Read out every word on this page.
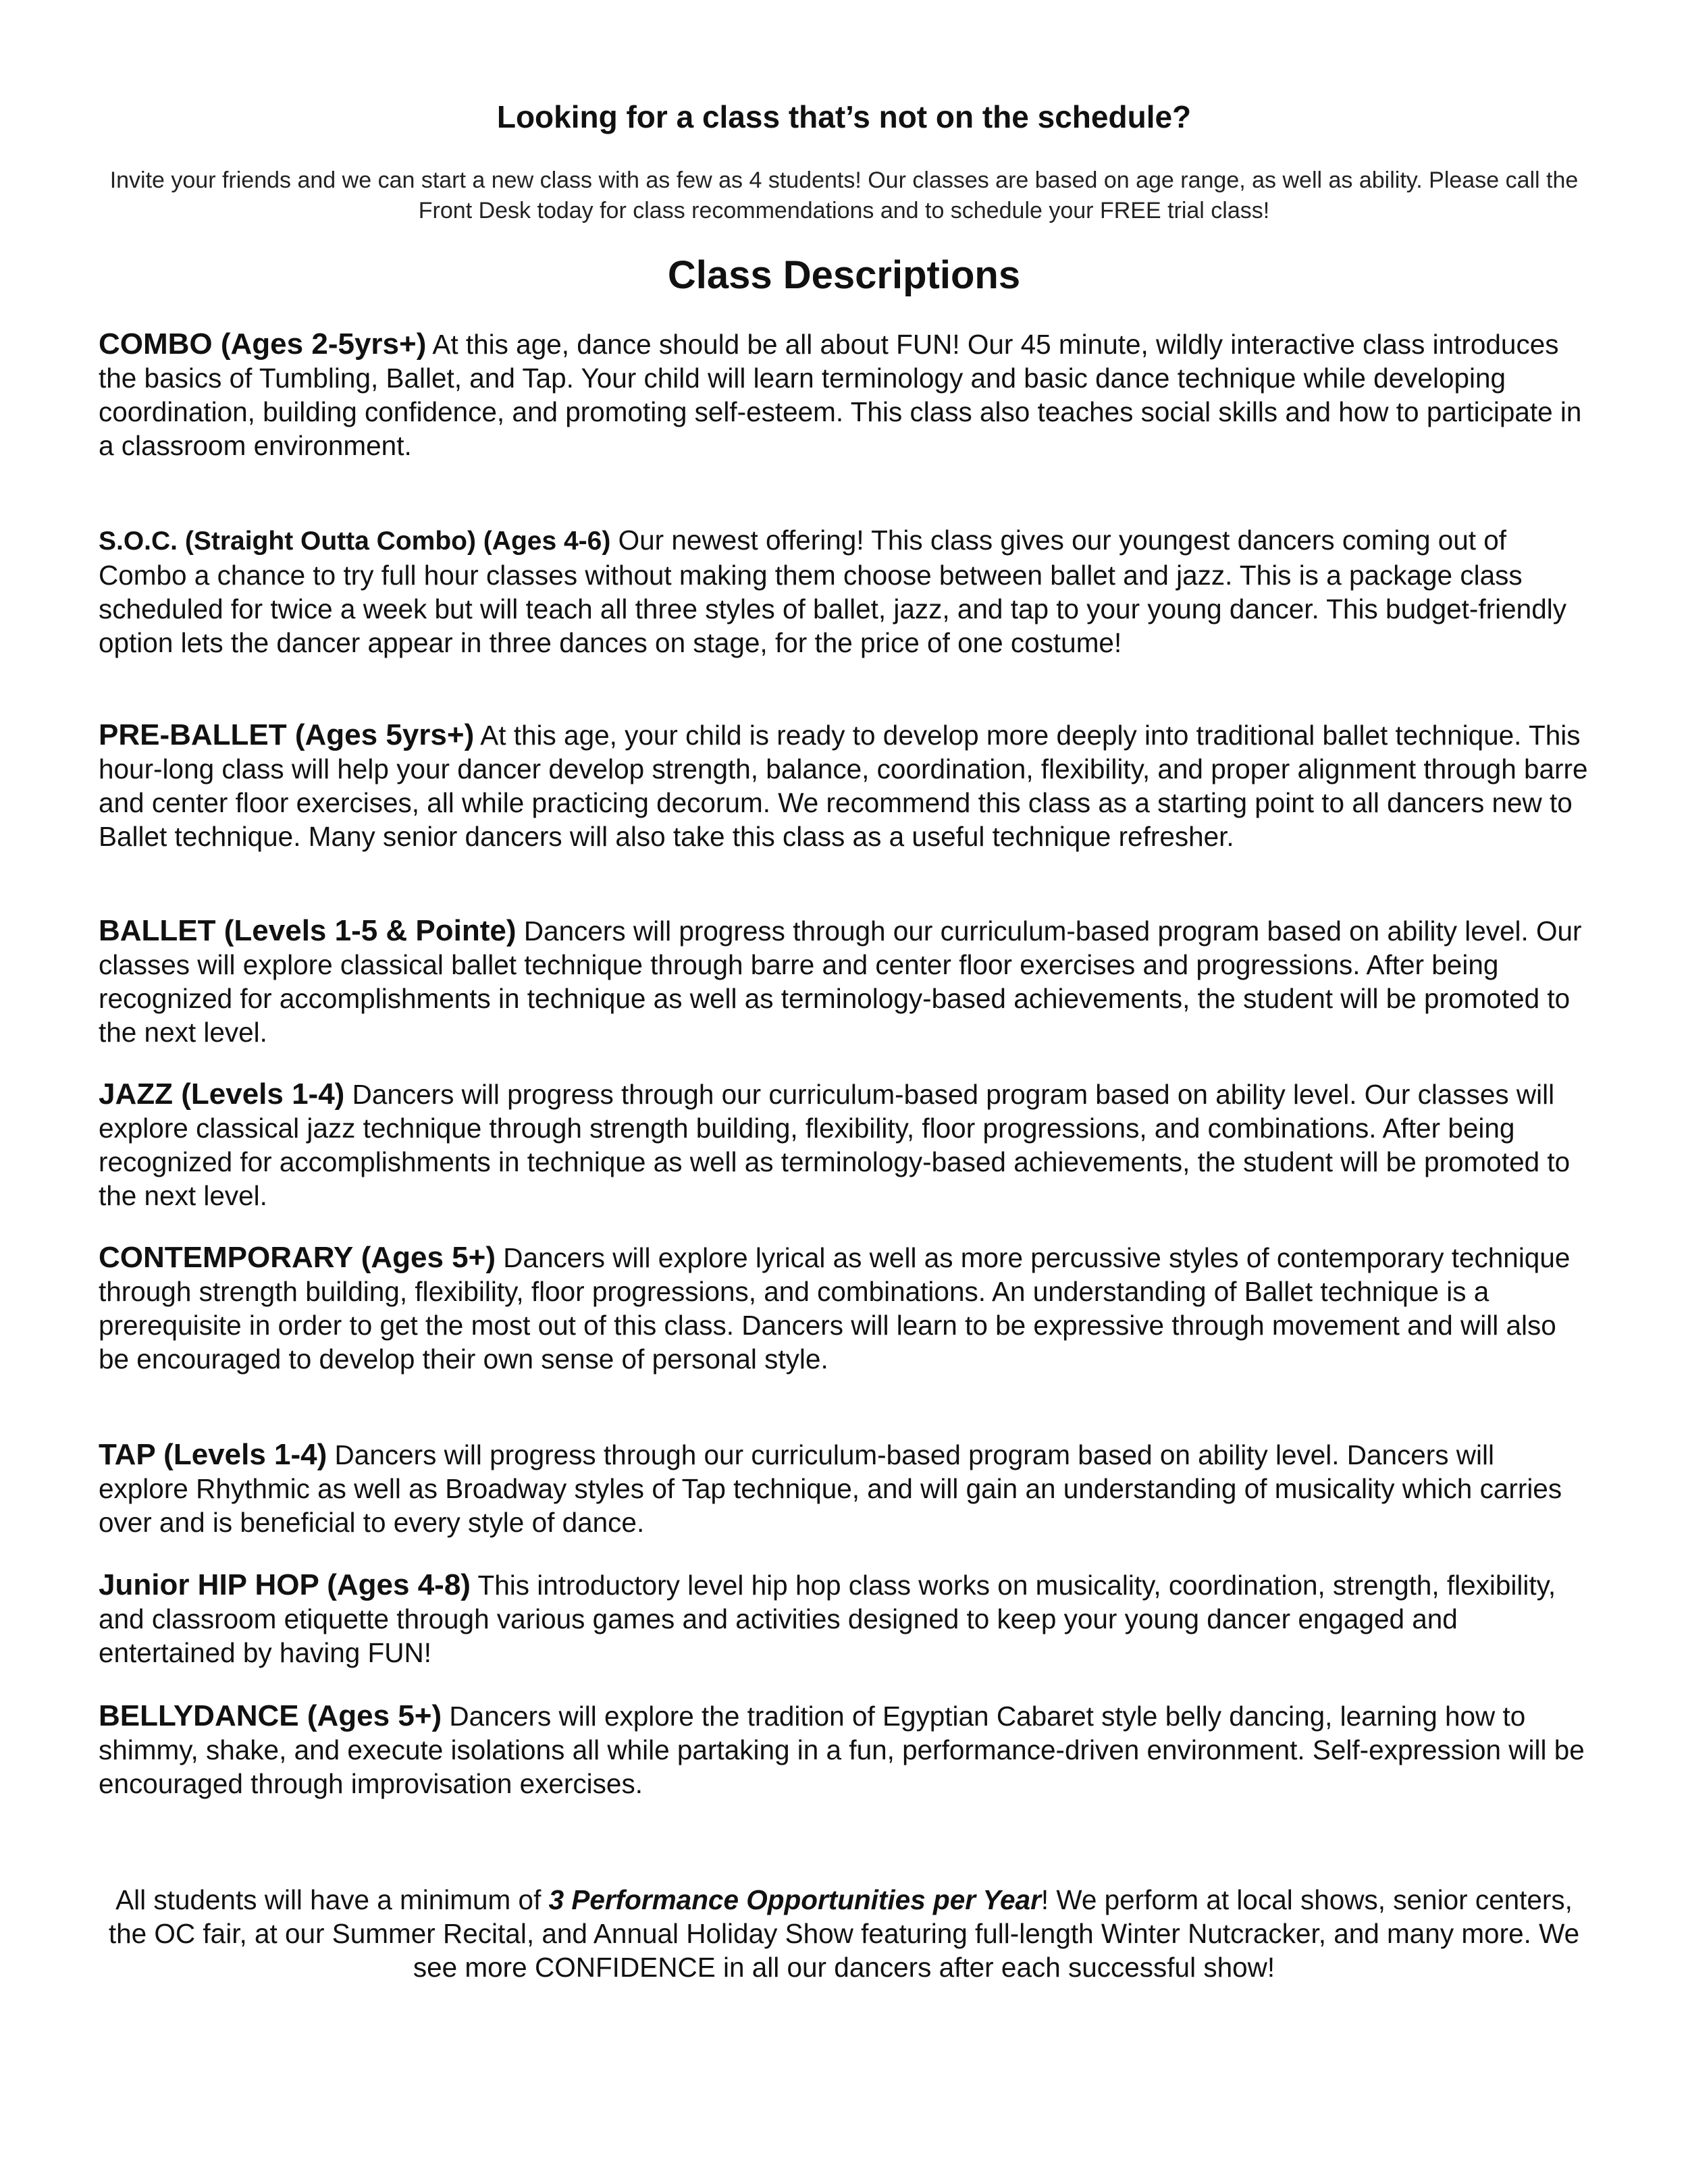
Looking for a class that’s not on the schedule?
Invite your friends and we can start a new class with as few as 4 students! Our classes are based on age range, as well as ability. Please call the Front Desk today for class recommendations and to schedule your FREE trial class!
Class Descriptions

COMBO (Ages 2-5yrs+) At this age, dance should be all about FUN! Our 45 minute, wildly interactive class introduces the basics of Tumbling, Ballet, and Tap. Your child will learn terminology and basic dance technique while developing coordination, building confidence, and promoting self-esteem. This class also teaches social skills and how to participate in a classroom environment.

S.O.C. (Straight Outta Combo) (Ages 4-6) Our newest offering! This class gives our youngest dancers coming out of Combo a chance to try full hour classes without making them choose between ballet and jazz. This is a package class scheduled for twice a week but will teach all three styles of ballet, jazz, and tap to your young dancer. This budget-friendly option lets the dancer appear in three dances on stage, for the price of one costume!

PRE-BALLET (Ages 5yrs+) At this age, your child is ready to develop more deeply into traditional ballet technique. This hour-long class will help your dancer develop strength, balance, coordination, flexibility, and proper alignment through barre and center floor exercises, all while practicing decorum. We recommend this class as a starting point to all dancers new to Ballet technique. Many senior dancers will also take this class as a useful technique refresher.

BALLET (Levels 1-5 & Pointe) Dancers will progress through our curriculum-based program based on ability level. Our classes will explore classical ballet technique through barre and center floor exercises and progressions. After being recognized for accomplishments in technique as well as terminology-based achievements, the student will be promoted to the next level.

JAZZ (Levels 1-4) Dancers will progress through our curriculum-based program based on ability level. Our classes will explore classical jazz technique through strength building, flexibility, floor progressions, and combinations. After being recognized for accomplishments in technique as well as terminology-based achievements, the student will be promoted to the next level.

CONTEMPORARY (Ages 5+) Dancers will explore lyrical as well as more percussive styles of contemporary technique through strength building, flexibility, floor progressions, and combinations. An understanding of Ballet technique is a prerequisite in order to get the most out of this class. Dancers will learn to be expressive through movement and will also be encouraged to develop their own sense of personal style.

TAP (Levels 1-4) Dancers will progress through our curriculum-based program based on ability level. Dancers will explore Rhythmic as well as Broadway styles of Tap technique, and will gain an understanding of musicality which carries over and is beneficial to every style of dance.

Junior HIP HOP (Ages 4-8) This introductory level hip hop class works on musicality, coordination, strength, flexibility, and classroom etiquette through various games and activities designed to keep your young dancer engaged and entertained by having FUN!

BELLYDANCE (Ages 5+) Dancers will explore the tradition of Egyptian Cabaret style belly dancing, learning how to shimmy, shake, and execute isolations all while partaking in a fun, performance-driven environment. Self-expression will be encouraged through improvisation exercises.

All students will have a minimum of 3 Performance Opportunities per Year! We perform at local shows, senior centers, the OC fair, at our Summer Recital, and Annual Holiday Show featuring full-length Winter Nutcracker, and many more. We see more CONFIDENCE in all our dancers after each successful show!
